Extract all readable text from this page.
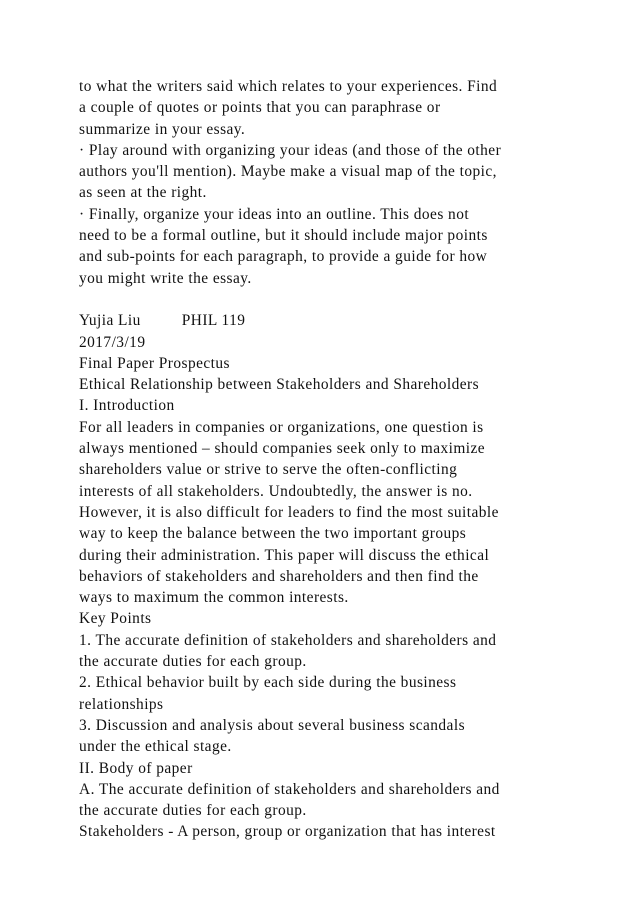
to what the writers said which relates to your experiences. Find
a couple of quotes or points that you can paraphrase or
summarize in your essay.
· Play around with organizing your ideas (and those of the other
authors you'll mention). Maybe make a visual map of the topic,
as seen at the right.
· Finally, organize your ideas into an outline. This does not
need to be a formal outline, but it should include major points
and sub-points for each paragraph, to provide a guide for how
you might write the essay.
Yujia Liu	PHIL 119
2017/3/19
Final Paper Prospectus
Ethical Relationship between Stakeholders and Shareholders
I. Introduction
For all leaders in companies or organizations, one question is
always mentioned – should companies seek only to maximize
shareholders value or strive to serve the often-conflicting
interests of all stakeholders. Undoubtedly, the answer is no.
However, it is also difficult for leaders to find the most suitable
way to keep the balance between the two important groups
during their administration. This paper will discuss the ethical
behaviors of stakeholders and shareholders and then find the
ways to maximum the common interests.
Key Points
1. The accurate definition of stakeholders and shareholders and
the accurate duties for each group.
2. Ethical behavior built by each side during the business
relationships
3. Discussion and analysis about several business scandals
under the ethical stage.
II. Body of paper
A. The accurate definition of stakeholders and shareholders and
the accurate duties for each group.
Stakeholders - A person, group or organization that has interest
